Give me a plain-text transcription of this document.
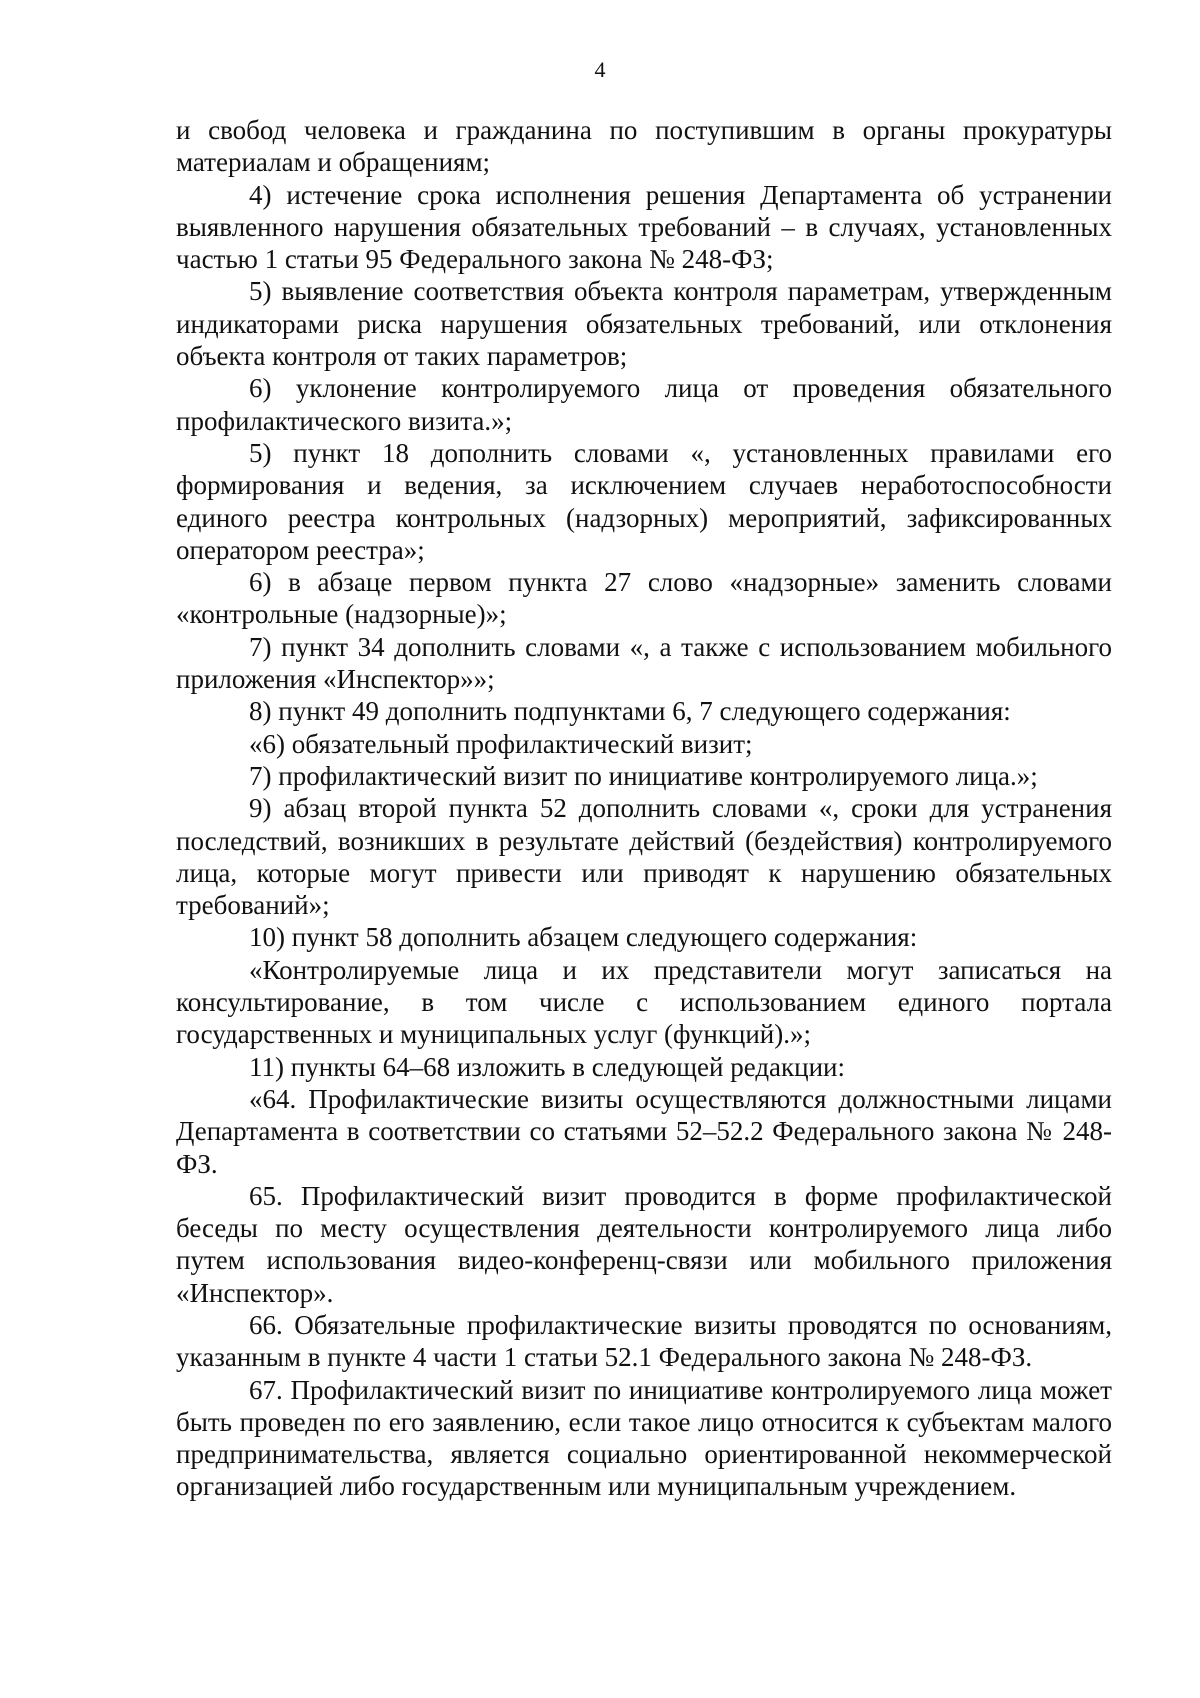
4

и свобод человека и гражданина по поступившим в органы прокуратуры материалам и обращениям;

4) истечение срока исполнения решения Департамента об устранении выявленного нарушения обязательных требований – в случаях, установленных частью 1 статьи 95 Федерального закона № 248-ФЗ;

5) выявление соответствия объекта контроля параметрам, утвержденным индикаторами риска нарушения обязательных требований, или отклонения объекта контроля от таких параметров;

6) уклонение контролируемого лица от проведения обязательного профилактического визита.»;

5) пункт 18 дополнить словами «, установленных правилами его формирования и ведения, за исключением случаев неработоспособности единого реестра контрольных (надзорных) мероприятий, зафиксированных оператором реестра»;

6) в абзаце первом пункта 27 слово «надзорные» заменить словами «контрольные (надзорные)»;

7) пункт 34 дополнить словами «, а также с использованием мобильного приложения «Инспектор»»;

8) пункт 49 дополнить подпунктами 6, 7 следующего содержания:

«6) обязательный профилактический визит;

7) профилактический визит по инициативе контролируемого лица.»;

9) абзац второй пункта 52 дополнить словами «, сроки для устранения последствий, возникших в результате действий (бездействия) контролируемого лица, которые могут привести или приводят к нарушению обязательных требований»;

10) пункт 58 дополнить абзацем следующего содержания:

«Контролируемые лица и их представители могут записаться на консультирование, в том числе с использованием единого портала государственных и муниципальных услуг (функций).»;

11) пункты 64–68 изложить в следующей редакции:

«64. Профилактические визиты осуществляются должностными лицами Департамента в соответствии со статьями 52–52.2 Федерального закона № 248-ФЗ.

65. Профилактический визит проводится в форме профилактической беседы по месту осуществления деятельности контролируемого лица либо путем использования видео-конференц-связи или мобильного приложения «Инспектор».

66. Обязательные профилактические визиты проводятся по основаниям, указанным в пункте 4 части 1 статьи 52.1 Федерального закона № 248-ФЗ.

67. Профилактический визит по инициативе контролируемого лица может быть проведен по его заявлению, если такое лицо относится к субъектам малого предпринимательства, является социально ориентированной некоммерческой организацией либо государственным или муниципальным учреждением.
